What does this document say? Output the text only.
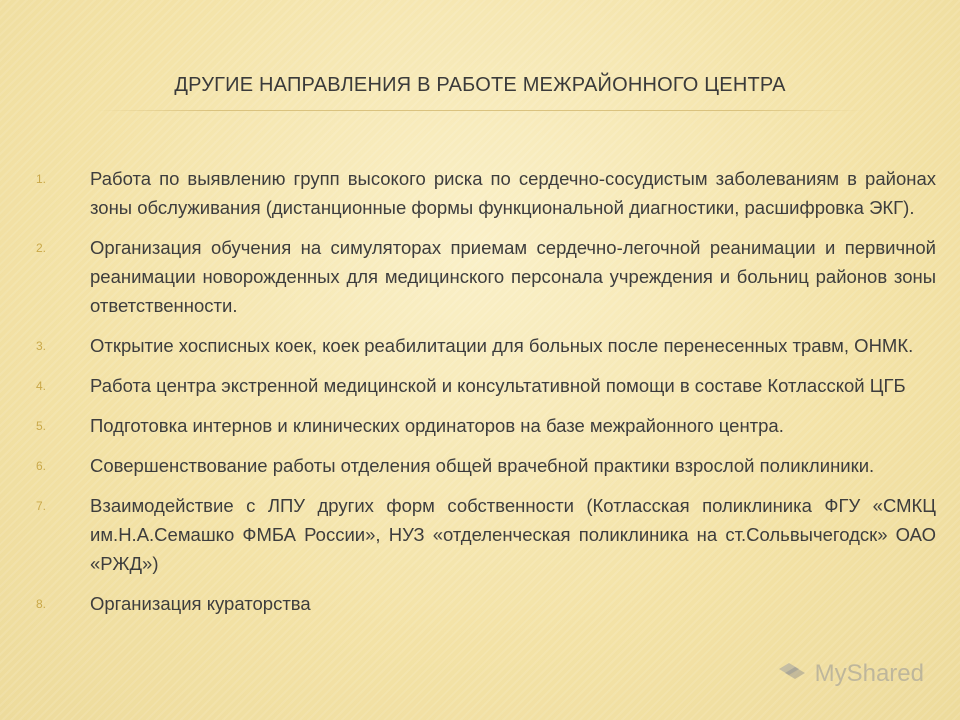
ДРУГИЕ НАПРАВЛЕНИЯ В РАБОТЕ МЕЖРАЙОННОГО ЦЕНТРА
1. Работа по выявлению групп высокого риска по сердечно-сосудистым заболеваниям в районах зоны обслуживания (дистанционные формы функциональной диагностики, расшифровка ЭКГ).
2. Организация обучения на симуляторах приемам сердечно-легочной реанимации и первичной реанимации новорожденных для медицинского персонала учреждения и больниц районов зоны ответственности.
3. Открытие хосписных коек, коек реабилитации для больных после перенесенных травм, ОНМК.
4. Работа центра экстренной медицинской и консультативной помощи в составе Котласской ЦГБ
5. Подготовка интернов и клинических ординаторов на базе межрайонного центра.
6. Совершенствование работы отделения общей врачебной практики взрослой поликлиники.
7. Взаимодействие с ЛПУ других форм собственности (Котласская поликлиника ФГУ «СМКЦ им.Н.А.Семашко ФМБА России», НУЗ «отделенческая поликлиника на ст.Сольвычегодск» ОАО «РЖД»)
8. Организация кураторства
MyShared
